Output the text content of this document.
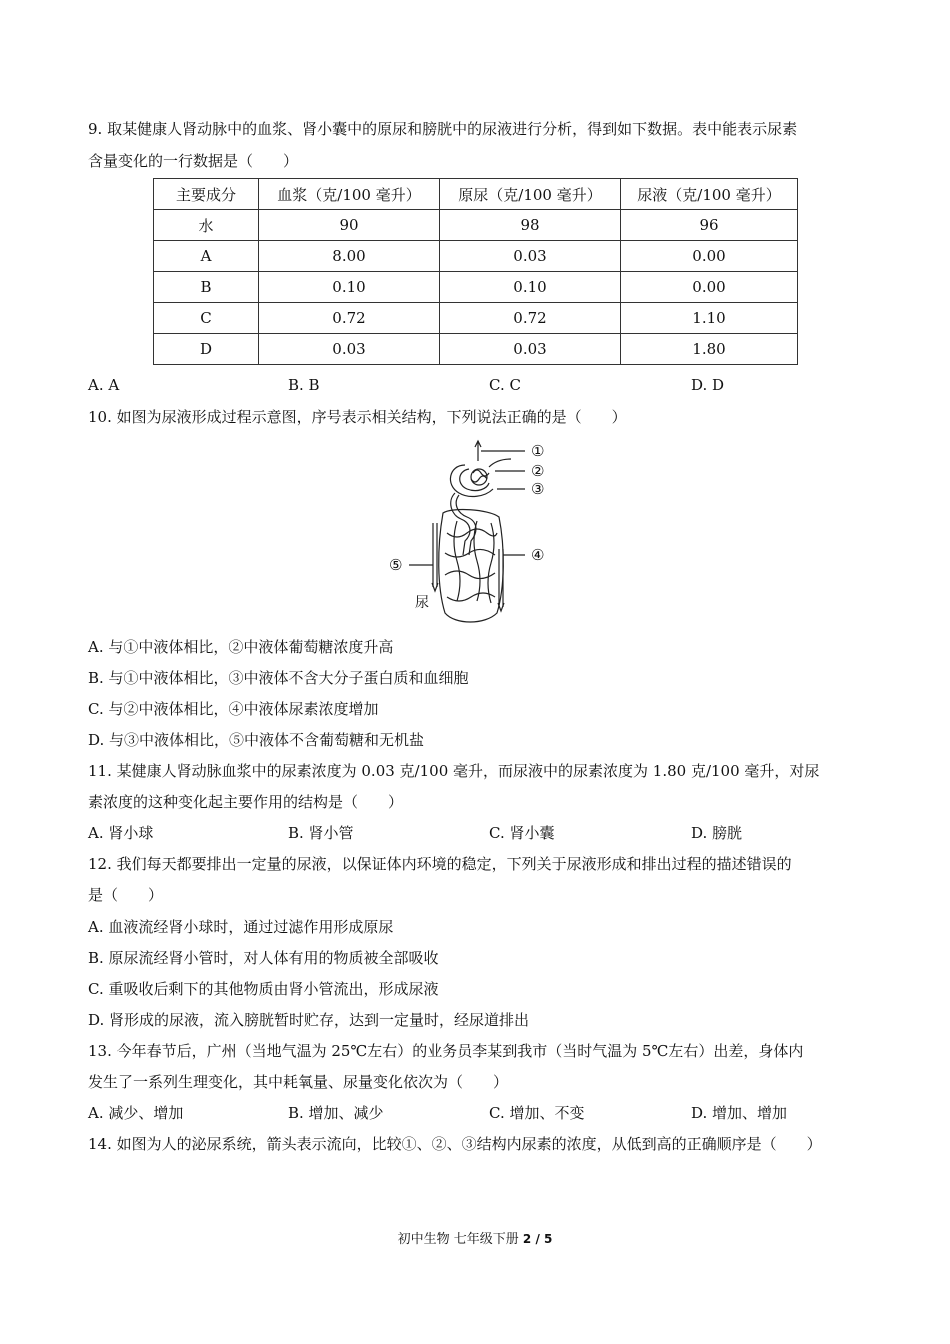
9. 取某健康人肾动脉中的血浆、肾小囊中的原尿和膀胱中的尿液进行分析，得到如下数据。表中能表示尿素
含量变化的一行数据是（　　）
主要成分	血浆（克/100 毫升）	原尿（克/100 毫升）	尿液（克/100 毫升）
水	90	98	96
A	8.00	0.03	0.00
B	0.10	0.10	0.00
C	0.72	0.72	1.10
D	0.03	0.03	1.80
A. A	B. B	C. C	D. D
10. 如图为尿液形成过程示意图，序号表示相关结构，下列说法正确的是（　　）
①
②
③
④
⑤
尿
A. 与①中液体相比，②中液体葡萄糖浓度升高
B. 与①中液体相比，③中液体不含大分子蛋白质和血细胞
C. 与②中液体相比，④中液体尿素浓度增加
D. 与③中液体相比，⑤中液体不含葡萄糖和无机盐
11. 某健康人肾动脉血浆中的尿素浓度为 0.03 克/100 毫升，而尿液中的尿素浓度为 1.80 克/100 毫升，对尿
素浓度的这种变化起主要作用的结构是（　　）
A. 肾小球	B. 肾小管	C. 肾小囊	D. 膀胱
12. 我们每天都要排出一定量的尿液，以保证体内环境的稳定，下列关于尿液形成和排出过程的描述错误的
是（　　）
A. 血液流经肾小球时，通过过滤作用形成原尿
B. 原尿流经肾小管时，对人体有用的物质被全部吸收
C. 重吸收后剩下的其他物质由肾小管流出，形成尿液
D. 肾形成的尿液，流入膀胱暂时贮存，达到一定量时，经尿道排出
13. 今年春节后，广州（当地气温为 25℃左右）的业务员李某到我市（当时气温为 5℃左右）出差，身体内
发生了一系列生理变化，其中耗氧量、尿量变化依次为（　　）
A. 减少、增加	B. 增加、减少	C. 增加、不变	D. 增加、增加
14. 如图为人的泌尿系统，箭头表示流向，比较①、②、③结构内尿素的浓度，从低到高的正确顺序是（　　）
初中生物 七年级下册 2 / 5
